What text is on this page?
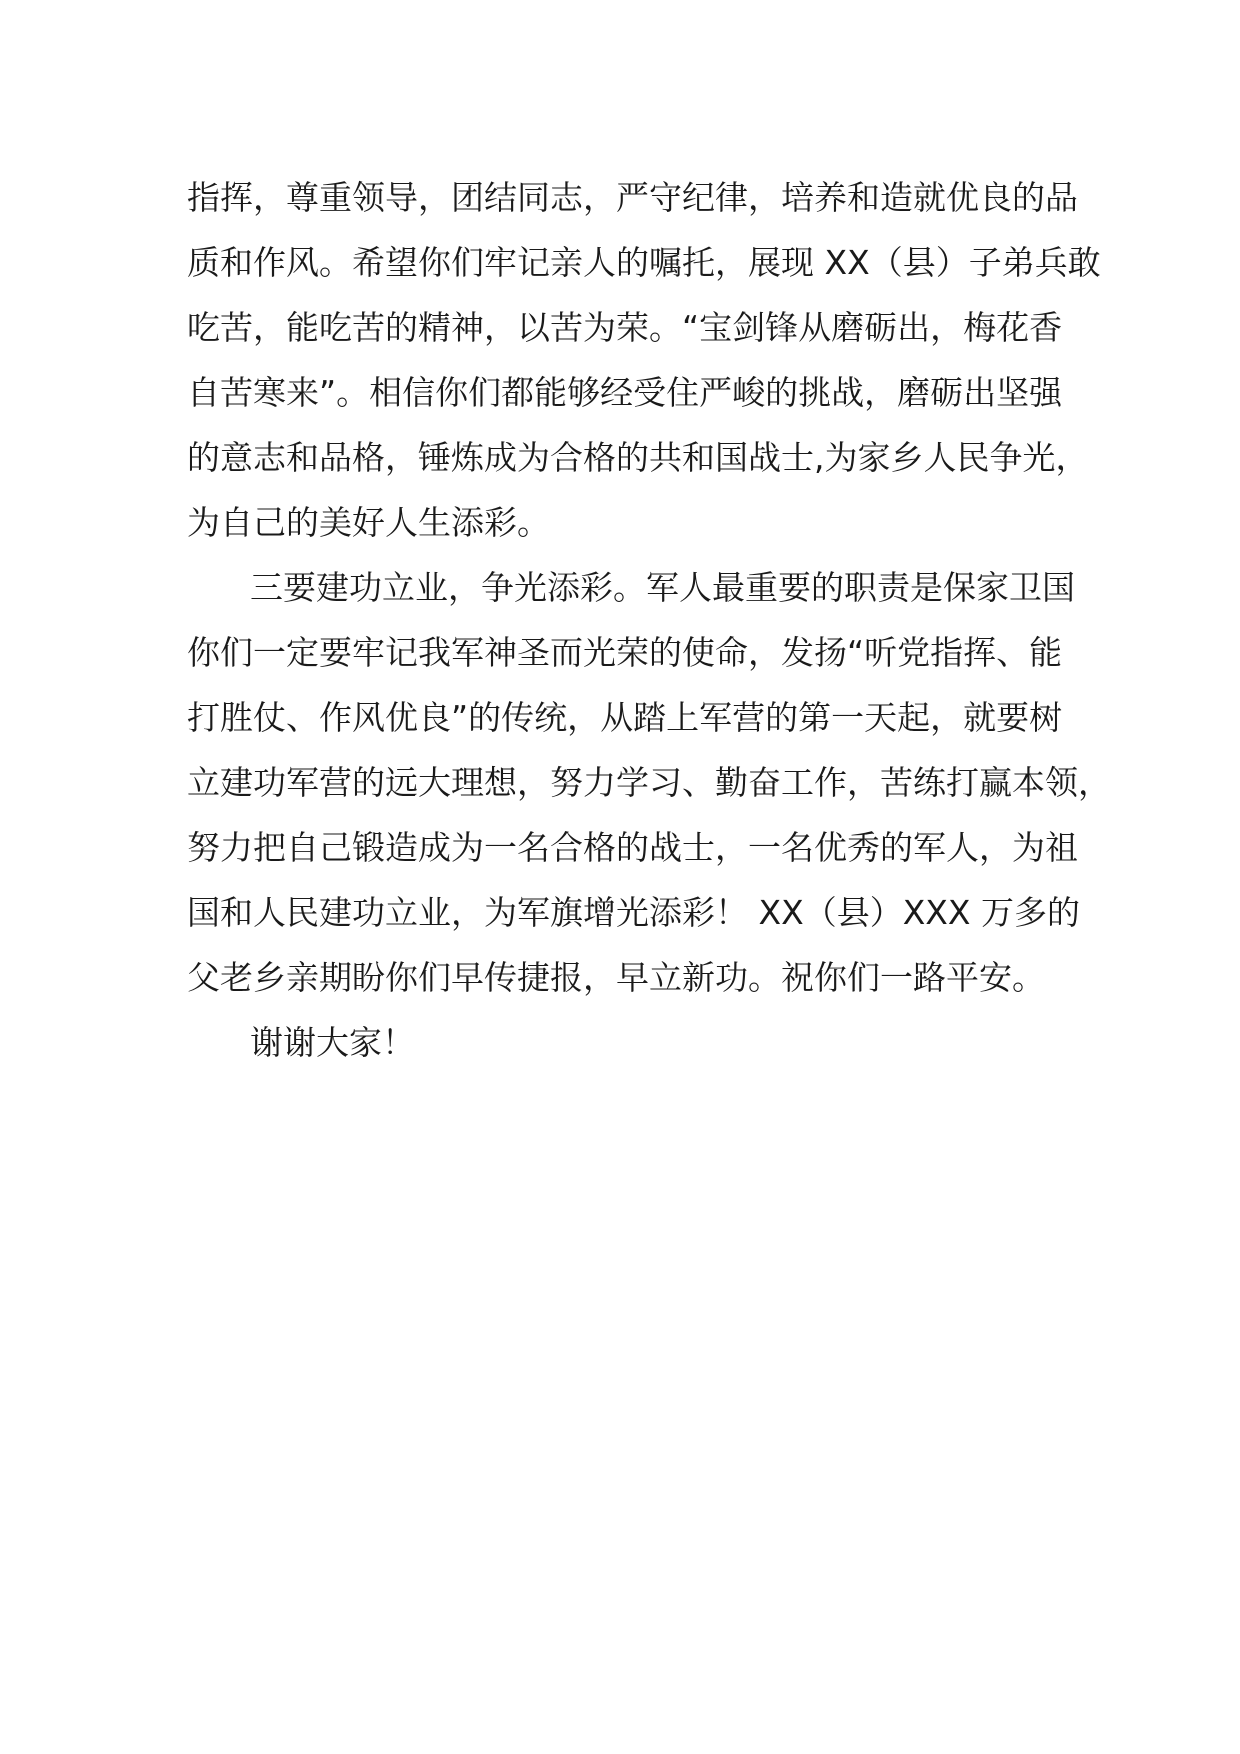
指挥，尊重领导，团结同志，严守纪律，培养和造就优良的品
质和作风。希望你们牢记亲人的嘱托，展现 XX（县）子弟兵敢
吃苦，能吃苦的精神，以苦为荣。“宝剑锋从磨砺出，梅花香
自苦寒来”。相信你们都能够经受住严峻的挑战，磨砺出坚强
的意志和品格，锤炼成为合格的共和国战士,为家乡人民争光，
为自己的美好人生添彩。
三要建功立业，争光添彩。军人最重要的职责是保家卫国
你们一定要牢记我军神圣而光荣的使命，发扬“听党指挥、能
打胜仗、作风优良”的传统，从踏上军营的第一天起，就要树
立建功军营的远大理想，努力学习、勤奋工作，苦练打赢本领，
努力把自己锻造成为一名合格的战士，一名优秀的军人，为祖
国和人民建功立业，为军旗增光添彩！ XX（县）XXX 万多的
父老乡亲期盼你们早传捷报，早立新功。祝你们一路平安。
谢谢大家！
